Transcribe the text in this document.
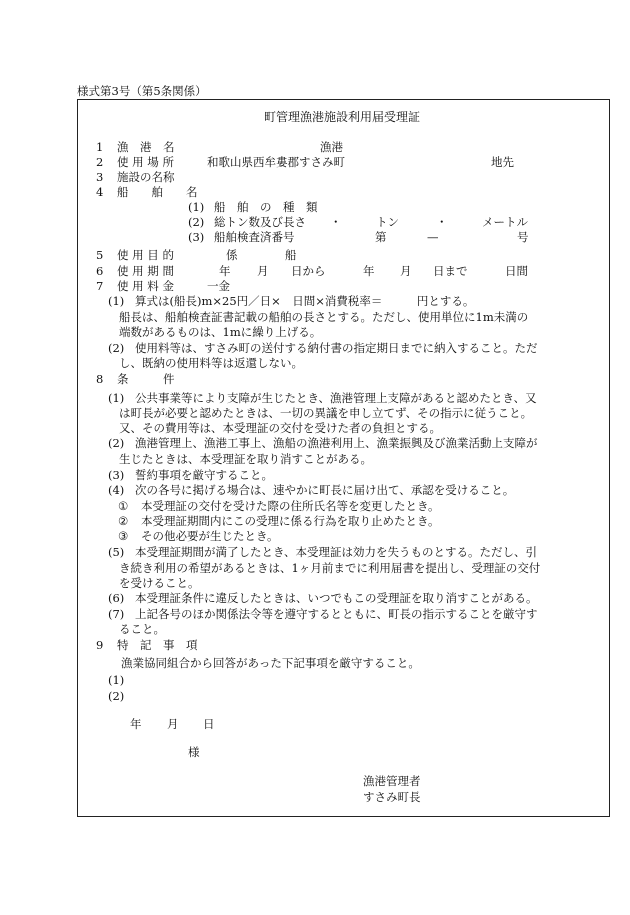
様式第3号（第5条関係）
町管理漁港施設利用届受理証
1 漁　港　名	漁港
2 使 用 場 所	和歌山県西牟婁郡すさみ町	地先
3 施設の名称
4 船　　舶　　名
(1) 船　舶　の　種　類
(2) 総トン数及び長さ ・	トン	・	メートル
(3) 船舶検査済番号	第	—	号
5 使 用 目 的	係	船
6 使 用 期 間	年 月 日から	年 月 日まで	日間
7 使 用 料 金	一金
(1) 算式は(船長)m×25円／日×　日間×消費税率＝　　　円とする。
船長は、船舶検査証書記載の船舶の長さとする。ただし、使用単位に1m未満の
端数があるものは、1mに繰り上げる。
(2) 使用料等は、すさみ町の送付する納付書の指定期日までに納入すること。ただ
し、既納の使用料等は返還しない。
8 条　　　件
(1) 公共事業等により支障が生じたとき、漁港管理上支障があると認めたとき、又
は町長が必要と認めたときは、一切の異議を申し立てず、その指示に従うこと。
又、その費用等は、本受理証の交付を受けた者の負担とする。
(2) 漁港管理上、漁港工事上、漁船の漁港利用上、漁業振興及び漁業活動上支障が
生じたときは、本受理証を取り消すことがある。
(3) 誓約事項を厳守すること。
(4) 次の各号に掲げる場合は、速やかに町長に届け出て、承認を受けること。
① 本受理証の交付を受けた際の住所氏名等を変更したとき。
② 本受理証期間内にこの受理に係る行為を取り止めたとき。
③ その他必要が生じたとき。
(5) 本受理証期間が満了したとき、本受理証は効力を失うものとする。ただし、引
き続き利用の希望があるときは、1ヶ月前までに利用届書を提出し、受理証の交付
を受けること。
(6) 本受理証条件に違反したときは、いつでもこの受理証を取り消すことがある。
(7) 上記各号のほか関係法令等を遵守するとともに、町長の指示することを厳守す
ること。
9 特　記　事　項
漁業協同組合から回答があった下記事項を厳守すること。
(1)
(2)
年 月 日
様
漁港管理者
すさみ町長
